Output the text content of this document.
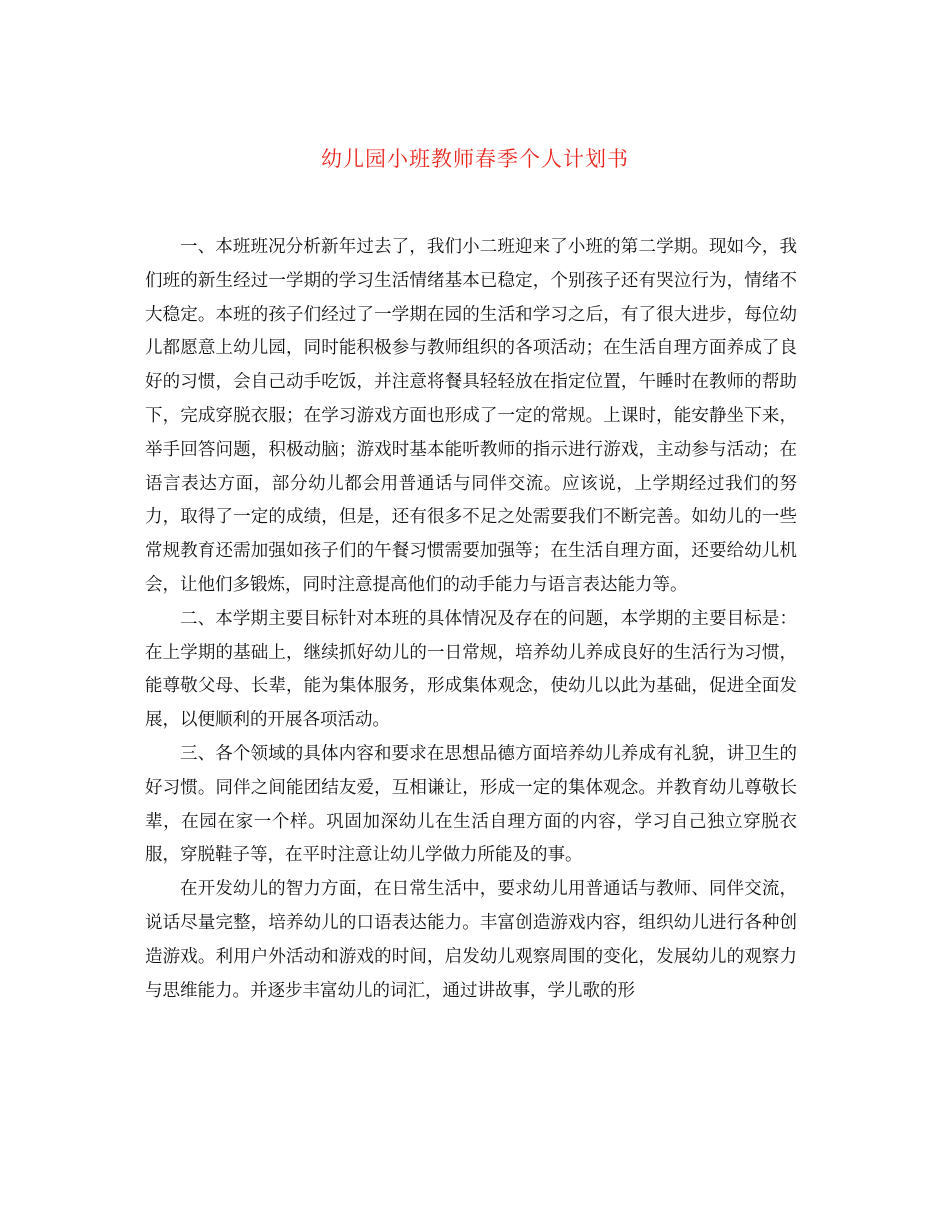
幼儿园小班教师春季个人计划书

一、本班班况分析新年过去了，我们小二班迎来了小班的第二学期。现如今，我们班的新生经过一学期的学习生活情绪基本已稳定，个别孩子还有哭泣行为，情绪不大稳定。本班的孩子们经过了一学期在园的生活和学习之后，有了很大进步，每位幼儿都愿意上幼儿园，同时能积极参与教师组织的各项活动；在生活自理方面养成了良好的习惯，会自己动手吃饭，并注意将餐具轻轻放在指定位置，午睡时在教师的帮助下，完成穿脱衣服；在学习游戏方面也形成了一定的常规。上课时，能安静坐下来，举手回答问题，积极动脑；游戏时基本能听教师的指示进行游戏，主动参与活动；在语言表达方面，部分幼儿都会用普通话与同伴交流。应该说，上学期经过我们的努力，取得了一定的成绩，但是，还有很多不足之处需要我们不断完善。如幼儿的一些常规教育还需加强如孩子们的午餐习惯需要加强等；在生活自理方面，还要给幼儿机会，让他们多锻炼，同时注意提高他们的动手能力与语言表达能力等。

二、本学期主要目标针对本班的具体情况及存在的问题，本学期的主要目标是：在上学期的基础上，继续抓好幼儿的一日常规，培养幼儿养成良好的生活行为习惯，能尊敬父母、长辈，能为集体服务，形成集体观念，使幼儿以此为基础，促进全面发展，以便顺利的开展各项活动。

三、各个领域的具体内容和要求在思想品德方面培养幼儿养成有礼貌，讲卫生的好习惯。同伴之间能团结友爱，互相谦让，形成一定的集体观念。并教育幼儿尊敬长辈，在园在家一个样。巩固加深幼儿在生活自理方面的内容，学习自己独立穿脱衣服，穿脱鞋子等，在平时注意让幼儿学做力所能及的事。

在开发幼儿的智力方面，在日常生活中，要求幼儿用普通话与教师、同伴交流，说话尽量完整，培养幼儿的口语表达能力。丰富创造游戏内容，组织幼儿进行各种创造游戏。利用户外活动和游戏的时间，启发幼儿观察周围的变化，发展幼儿的观察力与思维能力。并逐步丰富幼儿的词汇，通过讲故事，学儿歌的形
